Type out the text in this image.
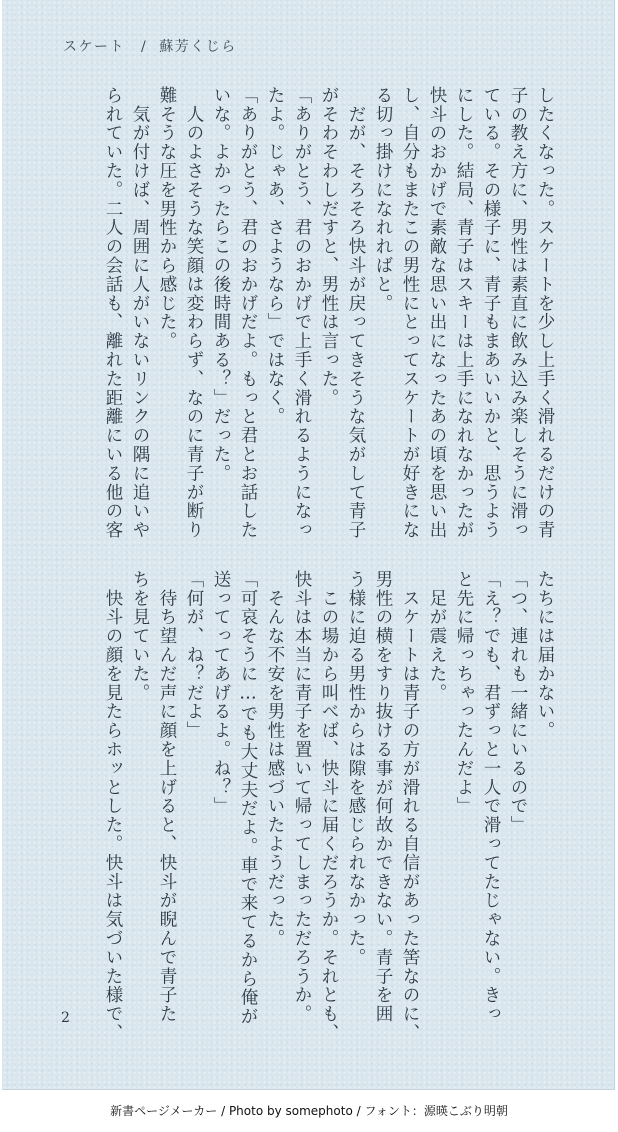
スケート / 蘇芳くじら
したくなった。スケートを少し上手く滑れるだけの青
子の教え方に、男性は素直に飲み込み楽しそうに滑っ
ている。その様子に、青子もまあいいかと、思うよう
にした。結局、青子はスキーは上手になれなかったが
快斗のおかげで素敵な思い出になったあの頃を思い出
し、自分もまたこの男性にとってスケートが好きにな
る切っ掛けになれればと。
　だが、そろそろ快斗が戻ってきそうな気がして青子
がそわそわしだすと、男性は言った。
「ありがとう、君のおかげで上手く滑れるようになっ
たよ。じゃあ、さようなら」ではなく。
「ありがとう、君のおかげだよ。もっと君とお話した
いな。よかったらこの後時間ある？」だった。
　人のよさそうな笑顔は変わらず、なのに青子が断り
難そうな圧を男性から感じた。
　気が付けば、周囲に人がいないリンクの隅に追いや
られていた。二人の会話も、離れた距離にいる他の客
たちには届かない。
「つ、連れも一緒にいるので」
「え？でも、君ずっと一人で滑ってたじゃない。きっ
と先に帰っちゃったんだよ」
　足が震えた。
　スケートは青子の方が滑れる自信があった筈なのに、
男性の横をすり抜ける事が何故かできない。青子を囲
う様に迫る男性からは隙を感じられなかった。
　この場から叫べば、快斗に届くだろうか。それとも、
快斗は本当に青子を置いて帰ってしまっただろうか。
　そんな不安を男性は感づいたようだった。
「可哀そうに…でも大丈夫だよ。車で来てるから俺が
送ってってあげるよ。ね？」
「何が、ね？だよ」
　待ち望んだ声に顔を上げると、快斗が睨んで青子た
ちを見ていた。
　快斗の顔を見たらホッとした。快斗は気づいた様で、
2
新書ページメーカー / Photo by somephoto / フォント：源暎こぶり明朝
